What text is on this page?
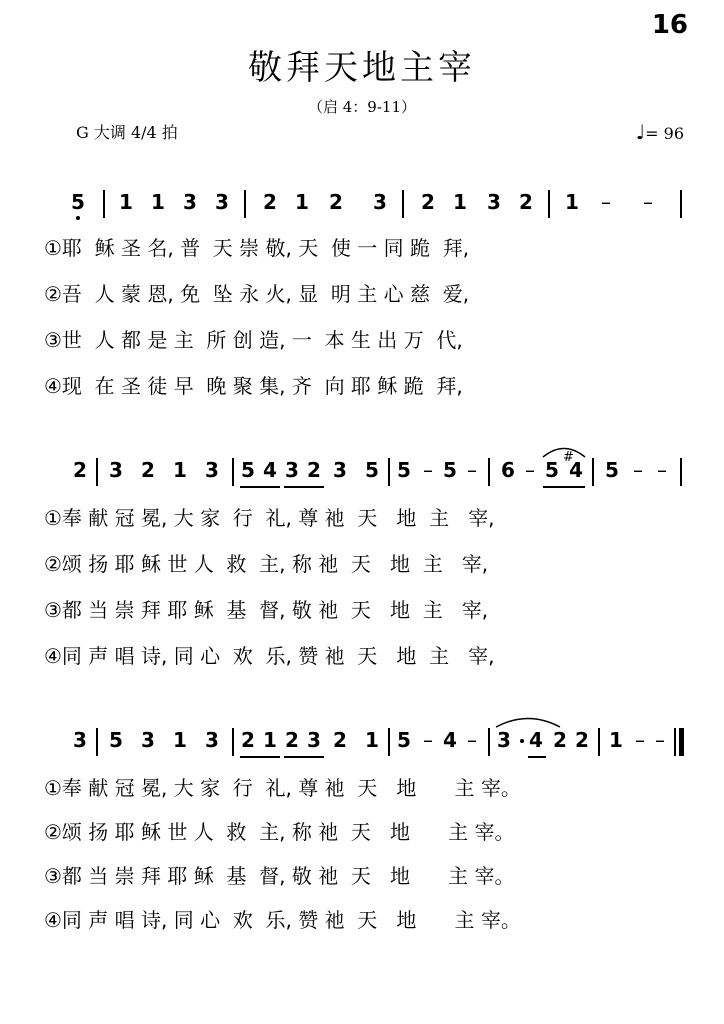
16
敬拜天地主宰
（启 4：9-11）
G 大调 4/4 拍	♩= 96
5 1 1 3 3 2 1 2 3 2 1 3 2 1 – –
①耶  稣 圣 名, 普  天 崇 敬, 天  使 一 同 跪  拜,
②吾  人 蒙 恩, 免  坠 永 火, 显  明 主 心 慈  爱,
③世  人 都 是 主  所 创 造, 一  本 生 出 万  代,
④现  在 圣 徒 早  晚 聚 集, 齐  向 耶 稣 跪  拜,
2 3 2 1 3 5 4 3 2 3 5 5 – 5 – 6 – 5
#
4 5 – –
①奉 献 冠 冕, 大 家  行  礼, 尊 祂  天   地  主   宰,
②颂 扬 耶 稣 世 人  救  主, 称 祂  天   地  主   宰,
③都 当 崇 拜 耶 稣  基  督, 敬 祂  天   地  主   宰,
④同 声 唱 诗, 同 心  欢  乐, 赞 祂  天   地  主   宰,
3 5 3 1 3 2 1 2 3 2 1 5 – 4 – 3 4 2 2 1 – –
①奉 献 冠 冕, 大 家  行  礼, 尊 祂  天   地      主 宰。
②颂 扬 耶 稣 世 人  救  主, 称 祂  天   地      主 宰。
③都 当 崇 拜 耶 稣  基  督, 敬 祂  天   地      主 宰。
④同 声 唱 诗, 同 心  欢  乐, 赞 祂  天   地      主 宰。
